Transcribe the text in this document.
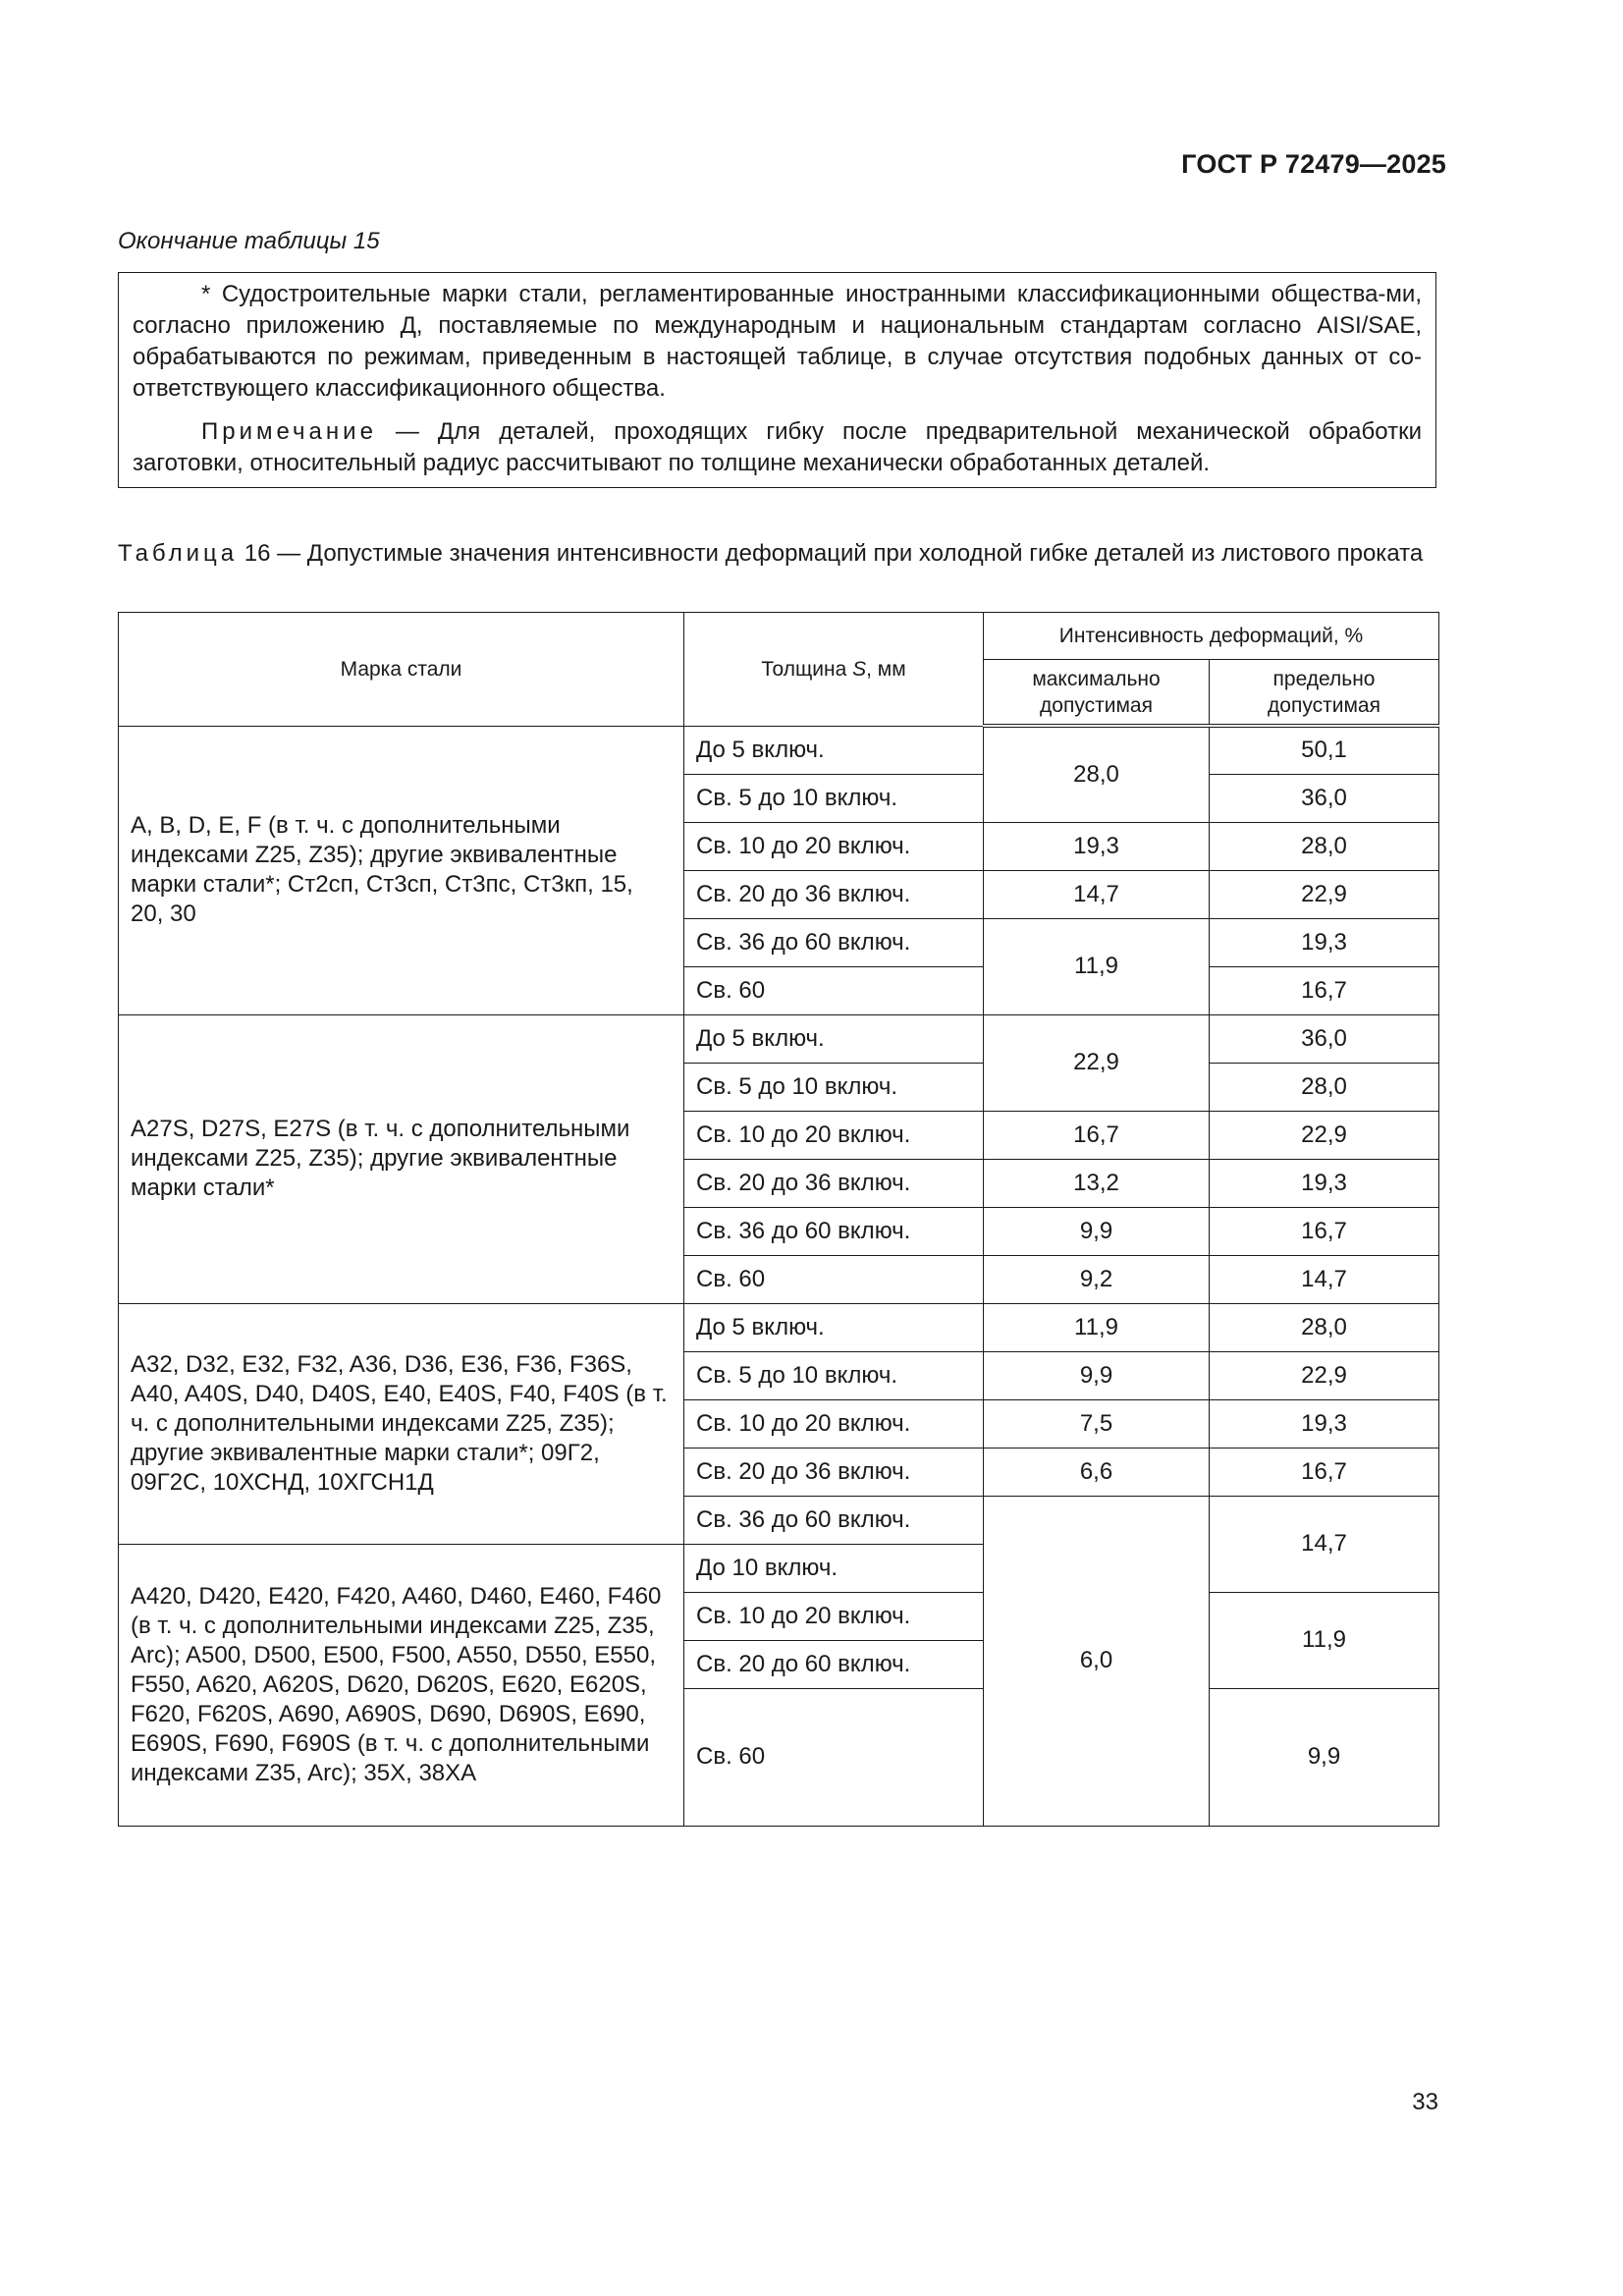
ГОСТ Р 72479—2025
Окончание таблицы 15

* Судостроительные марки стали, регламентированные иностранными классификационными общества-ми, согласно приложению Д, поставляемые по международным и национальным стандартам согласно AISI/SAE, обрабатываются по режимам, приведенным в настоящей таблице, в случае отсутствия подобных данных от со-ответствующего классификационного общества.

Примечание — Для деталей, проходящих гибку после предварительной механической обработки заготовки, относительный радиус рассчитывают по толщине механически обработанных деталей.

Таблица 16 — Допустимые значения интенсивности деформаций при холодной гибке деталей из листового проката
Марка стали	Толщина S, мм	Интенсивность деформаций, %	
		максимально допустимая	предельно допустимая
A, B, D, E, F (в т. ч. с дополнительными индексами Z25, Z35); другие эквивалентные марки стали*; Ст2сп, Ст3сп, Ст3пс, Ст3кп, 15, 20, 30	До 5 включ.	28,0	50,1
	Св. 5 до 10 включ.		36,0
	Св. 10 до 20 включ.	19,3	28,0
	Св. 20 до 36 включ.	14,7	22,9
	Св. 36 до 60 включ.	11,9	19,3
	Св. 60		16,7
A27S, D27S, E27S (в т. ч. с дополнительными индексами Z25, Z35); другие эквивалентные марки стали*	До 5 включ.	22,9	36,0
	Св. 5 до 10 включ.		28,0
	Св. 10 до 20 включ.	16,7	22,9
	Св. 20 до 36 включ.	13,2	19,3
	Св. 36 до 60 включ.	9,9	16,7
	Св. 60	9,2	14,7
A32, D32, E32, F32, A36, D36, E36, F36, F36S, A40, A40S, D40, D40S, E40, E40S, F40, F40S (в т. ч. с дополнительными индексами Z25, Z35); другие эквивалентные марки стали*; 09Г2, 09Г2С, 10ХСНД, 10ХГСН1Д	До 5 включ.	11,9	28,0
	Св. 5 до 10 включ.	9,9	22,9
	Св. 10 до 20 включ.	7,5	19,3
	Св. 20 до 36 включ.	6,6	16,7
	Св. 36 до 60 включ.	6,0	14,7
A420, D420, E420, F420, A460, D460, E460, F460 (в т. ч. с дополнительными индексами Z25, Z35, Arc); A500, D500, E500, F500, A550, D550, E550, F550, A620, A620S, D620, D620S, E620, E620S, F620, F620S, A690, A690S, D690, D690S, E690, E690S, F690, F690S (в т. ч. с дополнительными индексами Z35, Arc); 35Х, 38ХА	До 10 включ.		
	Св. 10 до 20 включ.		11,9
	Св. 20 до 60 включ.		
	Св. 60		9,9
33
